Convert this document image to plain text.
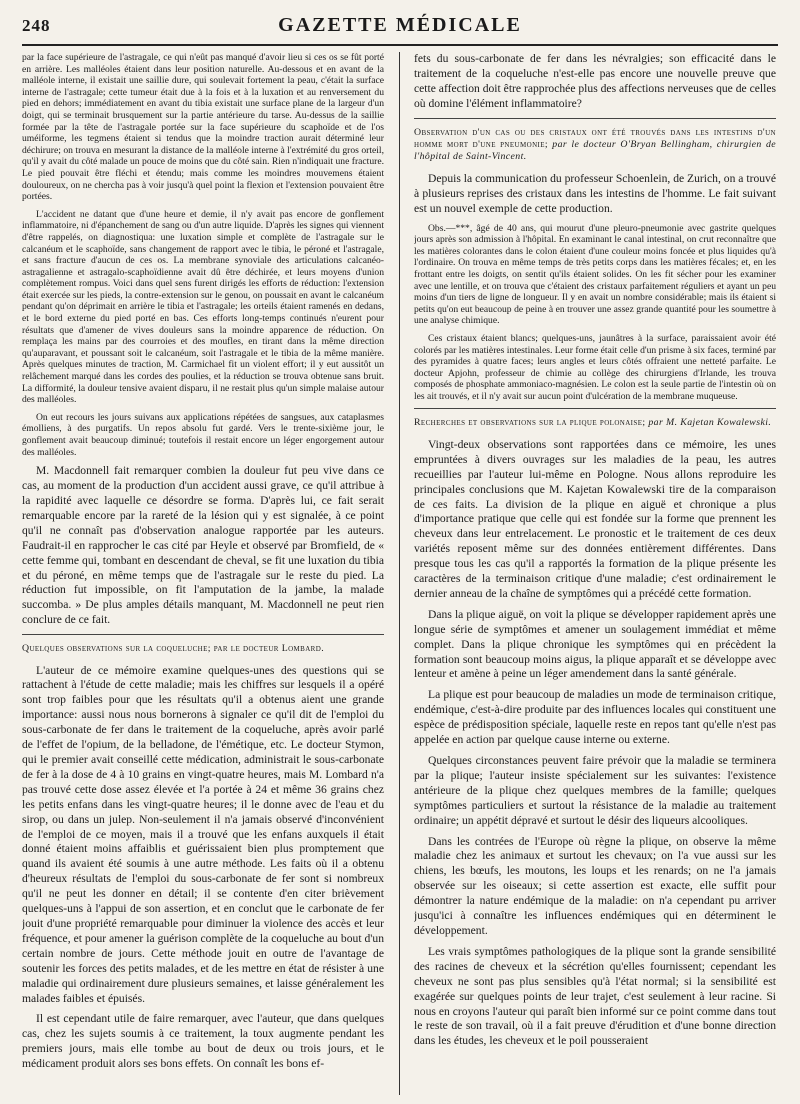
248	GAZETTE MÉDICALE

par la face supérieure de l'astragale, ce qui n'eût pas manqué d'avoir lieu si ces os se fût porté en arrière. Les malléoles étaient dans leur position naturelle. Au-dessous et en avant de la malléole interne, il existait une saillie dure, qui soulevait fortement la peau, c'était la surface interne de l'astragale; cette tumeur était due à la fois et à la luxation et au renversement du pied en dehors; immédiatement en avant du tibia existait une surface plane de la largeur d'un doigt, qui se terminait brusquement sur la partie antérieure du tarse. Au-dessus de la saillie formée par la tête de l'astragale portée sur la face supérieure du scaphoïde et de l'os uméiforme, les tegmens étaient si tendus que la moindre traction aurait déterminé leur déchirure; on trouva en mesurant la distance de la malléole interne à l'extrémité du gros orteil, qu'il y avait du côté malade un pouce de moins que du côté sain. Rien n'indiquait une fracture. Le pied pouvait être fléchi et étendu; mais comme les moindres mouvemens étaient douloureux, on ne chercha pas à voir jusqu'à quel point la flexion et l'extension pouvaient être portées.

L'accident ne datant que d'une heure et demie, il n'y avait pas encore de gonflement inflammatoire, ni d'épanchement de sang ou d'un autre liquide. D'après les signes qui viennent d'être rappelés, on diagnostiqua: une luxation simple et complète de l'astragale sur le calcanéum et le scaphoïde, sans changement de rapport avec le tibia, le péroné et l'astragale, et sans fracture d'aucun de ces os. La membrane synoviale des articulations calcanéo-astragalienne et astragalo-scaphoïdienne avait dû être déchirée, et leurs moyens d'union complètement rompus. Voici dans quel sens furent dirigés les efforts de réduction: l'extension était exercée sur les pieds, la contre-extension sur le genou, on poussait en avant le calcanéum pendant qu'on déprimait en arrière le tibia et l'astragale; les orteils étaient ramenés en dedans, et le bord externe du pied porté en bas. Ces efforts long-temps continués n'eurent pour résultats que d'amener de vives douleurs sans la moindre apparence de réduction. On remplaça les mains par des courroies et des moufles, en tirant dans la même direction qu'auparavant, et poussant soit le calcanéum, soit l'astragale et le tibia de la même manière. Après quelques minutes de traction, M. Carmichael fit un violent effort; il y eut aussitôt un relâchement marqué dans les cordes des poulies, et la réduction se trouva obtenue sans bruit. La difformité, la douleur tensive avaient disparu, il ne restait plus qu'un simple malaise autour des malléoles.

On eut recours les jours suivans aux applications répétées de sangsues, aux cataplasmes émolliens, à des purgatifs. Un repos absolu fut gardé. Vers le trente-sixième jour, le gonflement avait beaucoup diminué; toutefois il restait encore un léger engorgement autour des malléoles.

M. Macdonnell fait remarquer combien la douleur fut peu vive dans ce cas, au moment de la production d'un accident aussi grave, ce qu'il attribue à la rapidité avec laquelle ce désordre se forma. D'après lui, ce fait serait remarquable encore par la rareté de la lésion qui y est signalée, à ce point qu'il ne connaît pas d'observation analogue rapportée par les auteurs. Faudrait-il en rapprocher le cas cité par Heyle et observé par Bromfield, de « cette femme qui, tombant en descendant de cheval, se fit une luxation du tibia et du péroné, en même temps que de l'astragale sur le reste du pied. La réduction fut impossible, on fit l'amputation de la jambe, la malade succomba. » De plus amples détails manquant, M. Macdonnell ne peut rien conclure de ce fait.

Quelques observations sur la coqueluche; par le docteur Lombard.

L'auteur de ce mémoire examine quelques-unes des questions qui se rattachent à l'étude de cette maladie; mais les chiffres sur lesquels il a opéré sont trop faibles pour que les résultats qu'il a obtenus aient une grande importance: aussi nous nous bornerons à signaler ce qu'il dit de l'emploi du sous-carbonate de fer dans le traitement de la coqueluche, après avoir parlé de l'effet de l'opium, de la belladone, de l'émétique, etc. Le docteur Stymon, qui le premier avait conseillé cette médication, administrait le sous-carbonate de fer à la dose de 4 à 10 grains en vingt-quatre heures, mais M. Lombard n'a pas trouvé cette dose assez élevée et l'a portée à 24 et même 36 grains chez les petits enfans dans les vingt-quatre heures; il le donne avec de l'eau et du sirop, ou dans un julep. Non-seulement il n'a jamais observé d'inconvénient de l'emploi de ce moyen, mais il a trouvé que les enfans auxquels il était donné étaient moins affaiblis et guérissaient bien plus promptement que quand ils avaient été soumis à une autre méthode. Les faits où il a obtenu d'heureux résultats de l'emploi du sous-carbonate de fer sont si nombreux qu'il ne peut les donner en détail; il se contente d'en citer brièvement quelques-uns à l'appui de son assertion, et en conclut que le carbonate de fer jouit d'une propriété remarquable pour diminuer la violence des accès et leur fréquence, et pour amener la guérison complète de la coqueluche au bout d'un certain nombre de jours. Cette méthode jouit en outre de l'avantage de soutenir les forces des petits malades, et de les mettre en état de résister à une maladie qui ordinairement dure plusieurs semaines, et laisse généralement les malades faibles et épuisés.

Il est cependant utile de faire remarquer, avec l'auteur, que dans quelques cas, chez les sujets soumis à ce traitement, la toux augmente pendant les premiers jours, mais elle tombe au bout de deux ou trois jours, et le médicament produit alors ses bons effets. On connaît les bons ef-

fets du sous-carbonate de fer dans les névralgies; son efficacité dans le traitement de la coqueluche n'est-elle pas encore une nouvelle preuve que cette affection doit être rapprochée plus des affections nerveuses que de celles où domine l'élément inflammatoire?

Observation d'un cas ou des cristaux ont été trouvés dans les intestins d'un homme mort d'une pneumonie; par le docteur O'Bryan Bellingham, chirurgien de l'hôpital de Saint-Vincent.

Depuis la communication du professeur Schoenlein, de Zurich, on a trouvé à plusieurs reprises des cristaux dans les intestins de l'homme. Le fait suivant est un nouvel exemple de cette production.

Obs.—***, âgé de 40 ans, qui mourut d'une pleuro-pneumonie avec gastrite quelques jours après son admission à l'hôpital. En examinant le canal intestinal, on crut reconnaître que les matières colorantes dans le colon étaient d'une couleur moins foncée et plus liquides qu'à l'ordinaire. On trouva en même temps de très petits corps dans les matières fécales; et, en les frottant entre les doigts, on sentit qu'ils étaient solides. On les fit sécher pour les examiner avec une lentille, et on trouva que c'étaient des cristaux parfaitement réguliers et ayant un peu moins d'un tiers de ligne de longueur. Il y en avait un nombre considérable; mais ils étaient si petits qu'on eut beaucoup de peine à en trouver une assez grande quantité pour les soumettre à une analyse chimique.

Ces cristaux étaient blancs; quelques-uns, jaunâtres à la surface, paraissaient avoir été colorés par les matières intestinales. Leur forme était celle d'un prisme à six faces, terminé par des pyramides à quatre faces; leurs angles et leurs côtés offraient une netteté parfaite. Le docteur Apjohn, professeur de chimie au collège des chirurgiens d'Irlande, les trouva composés de phosphate ammoniaco-magnésien. Le colon est la seule partie de l'intestin où on les ait trouvés, et il n'y avait sur aucun point d'ulcération de la membrane muqueuse.

Recherches et observations sur la plique polonaise; par M. Kajetan Kowalewski.

Vingt-deux observations sont rapportées dans ce mémoire, les unes empruntées à divers ouvrages sur les maladies de la peau, les autres recueillies par l'auteur lui-même en Pologne. Nous allons reproduire les principales conclusions que M. Kajetan Kowalewski tire de la comparaison de ces faits. La division de la plique en aiguë et chronique a plus d'importance pratique que celle qui est fondée sur la forme que prennent les cheveux dans leur entrelacement. Le pronostic et le traitement de ces deux variétés reposent même sur des données entièrement différentes. Dans presque tous les cas qu'il a rapportés la formation de la plique présente les caractères de la terminaison critique d'une maladie; c'est ordinairement le dernier anneau de la chaîne de symptômes qui a précédé cette formation.

Dans la plique aiguë, on voit la plique se développer rapidement après une longue série de symptômes et amener un soulagement immédiat et même complet. Dans la plique chronique les symptômes qui en précèdent la formation sont beaucoup moins aigus, la plique apparaît et se développe avec lenteur et amène à peine un léger amendement dans la santé générale.

La plique est pour beaucoup de maladies un mode de terminaison critique, endémique, c'est-à-dire produite par des influences locales qui constituent une espèce de prédisposition spéciale, laquelle reste en repos tant qu'elle n'est pas appelée en action par quelque cause interne ou externe.

Quelques circonstances peuvent faire prévoir que la maladie se terminera par la plique; l'auteur insiste spécialement sur les suivantes: l'existence antérieure de la plique chez quelques membres de la famille; quelques symptômes particuliers et surtout la résistance de la maladie au traitement ordinaire; un appétit dépravé et surtout le désir des liqueurs alcooliques.

Dans les contrées de l'Europe où règne la plique, on observe la même maladie chez les animaux et surtout les chevaux; on l'a vue aussi sur les chiens, les bœufs, les moutons, les loups et les renards; on ne l'a jamais observée sur les oiseaux; si cette assertion est exacte, elle suffit pour démontrer la nature endémique de la maladie: on n'a cependant pu arriver jusqu'ici à connaître les influences endémiques qui en déterminent le développement.

Les vrais symptômes pathologiques de la plique sont la grande sensibilité des racines de cheveux et la sécrétion qu'elles fournissent; cependant les cheveux ne sont pas plus sensibles qu'à l'état normal; si la sensibilité est exagérée sur quelques points de leur trajet, c'est seulement à leur racine. Si nous en croyons l'auteur qui paraît bien informé sur ce point comme dans tout le reste de son travail, où il a fait preuve d'érudition et d'une bonne direction dans les études, les cheveux et le poil pousseraient
